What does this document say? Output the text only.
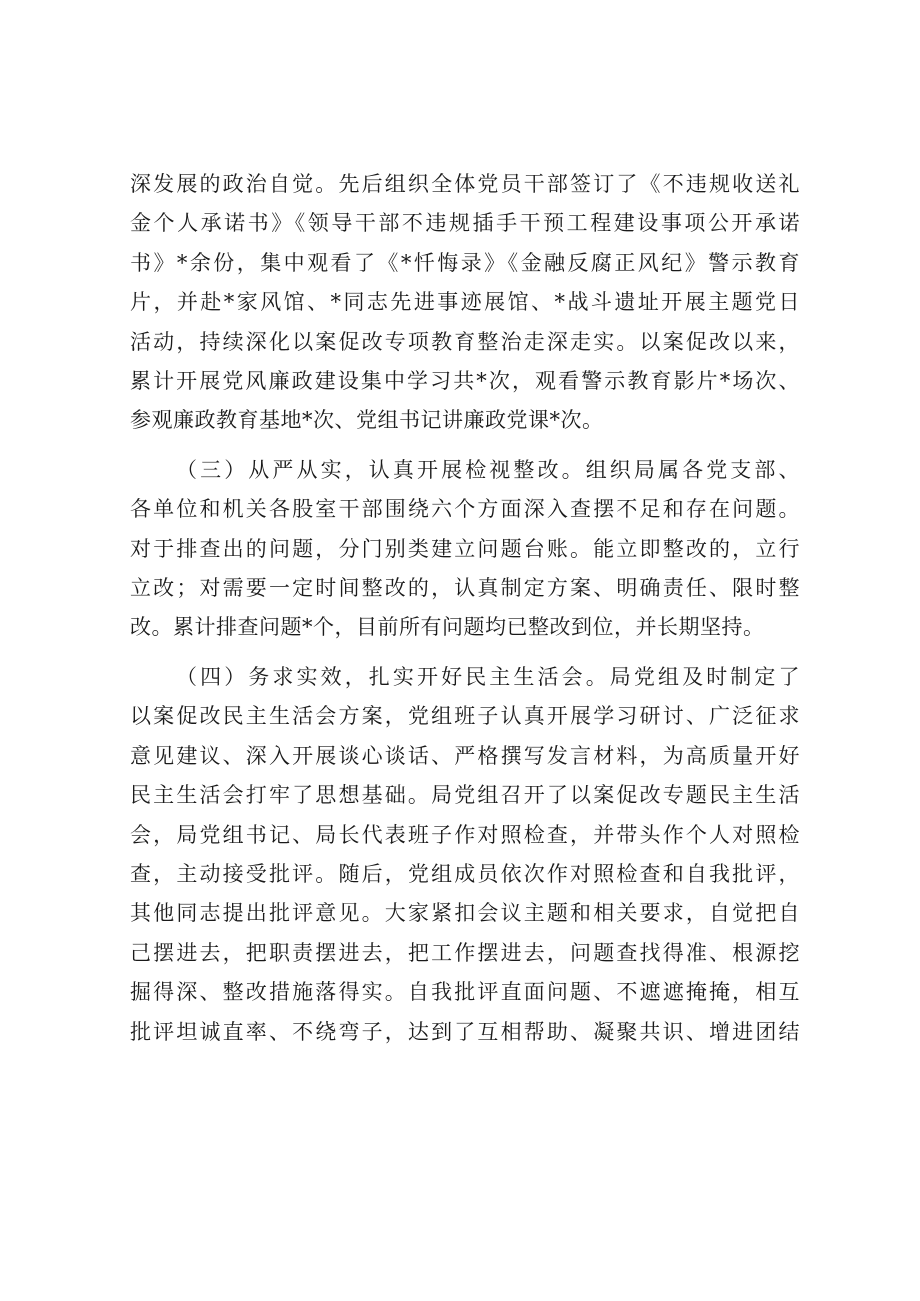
深发展的政治自觉。先后组织全体党员干部签订了《不违规收送礼
金个人承诺书》《领导干部不违规插手干预工程建设事项公开承诺
书》*余份，集中观看了《*忏悔录》《金融反腐正风纪》警示教育
片，并赴*家风馆、*同志先进事迹展馆、*战斗遗址开展主题党日
活动，持续深化以案促改专项教育整治走深走实。以案促改以来，
累计开展党风廉政建设集中学习共*次，观看警示教育影片*场次、
参观廉政教育基地*次、党组书记讲廉政党课*次。

（三）从严从实，认真开展检视整改。组织局属各党支部、
各单位和机关各股室干部围绕六个方面深入查摆不足和存在问题。
对于排查出的问题，分门别类建立问题台账。能立即整改的，立行
立改；对需要一定时间整改的，认真制定方案、明确责任、限时整
改。累计排查问题*个，目前所有问题均已整改到位，并长期坚持。

（四）务求实效，扎实开好民主生活会。局党组及时制定了
以案促改民主生活会方案，党组班子认真开展学习研讨、广泛征求
意见建议、深入开展谈心谈话、严格撰写发言材料，为高质量开好
民主生活会打牢了思想基础。局党组召开了以案促改专题民主生活
会，局党组书记、局长代表班子作对照检查，并带头作个人对照检
查，主动接受批评。随后，党组成员依次作对照检查和自我批评，
其他同志提出批评意见。大家紧扣会议主题和相关要求，自觉把自
己摆进去，把职责摆进去，把工作摆进去，问题查找得准、根源挖
掘得深、整改措施落得实。自我批评直面问题、不遮遮掩掩，相互
批评坦诚直率、不绕弯子，达到了互相帮助、凝聚共识、增进团结
